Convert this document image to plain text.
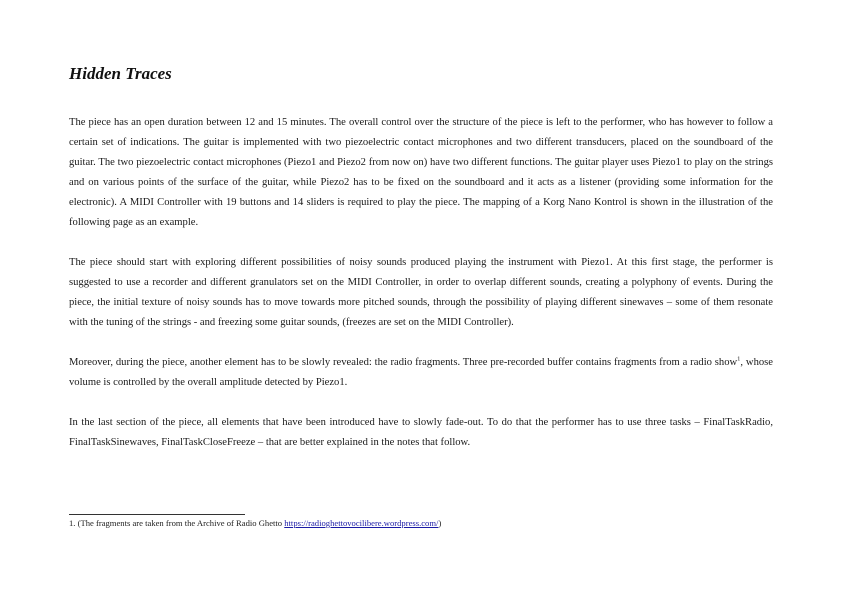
Hidden Traces

The piece has an open duration between 12 and 15 minutes. The overall control over the structure of the piece is left to the performer, who has however to follow a certain set of indications. The guitar is implemented with two piezoelectric contact microphones and two different transducers, placed on the soundboard of the guitar. The two piezoelectric contact microphones (Piezo1 and Piezo2 from now on) have two different functions. The guitar player uses Piezo1 to play on the strings and on various points of the surface of the guitar, while Piezo2 has to be fixed on the soundboard and it acts as a listener (providing some information for the electronic). A MIDI Controller with 19 buttons and 14 sliders is required to play the piece. The mapping of a Korg Nano Kontrol is shown in the illustration of the following page as an example.

The piece should start with exploring different possibilities of noisy sounds produced playing the instrument with Piezo1. At this first stage, the performer is suggested to use a recorder and different granulators set on the MIDI Controller, in order to overlap different sounds, creating a polyphony of events. During the piece, the initial texture of noisy sounds has to move towards more pitched sounds, through the possibility of playing different sinewaves – some of them resonate with the tuning of the strings - and freezing some guitar sounds, (freezes are set on the MIDI Controller).

Moreover, during the piece, another element has to be slowly revealed: the radio fragments. Three pre-recorded buffer contains fragments from a radio show$^1$, whose volume is controlled by the overall amplitude detected by Piezo1.

In the last section of the piece, all elements that have been introduced have to slowly fade-out. To do that the performer has to use three tasks – FinalTaskRadio, FinalTaskSinewaves, FinalTaskCloseFreeze – that are better explained in the notes that follow.

1. (The fragments are taken from the Archive of Radio Ghetto https://radioghettovocilibere.wordpress.com/)
